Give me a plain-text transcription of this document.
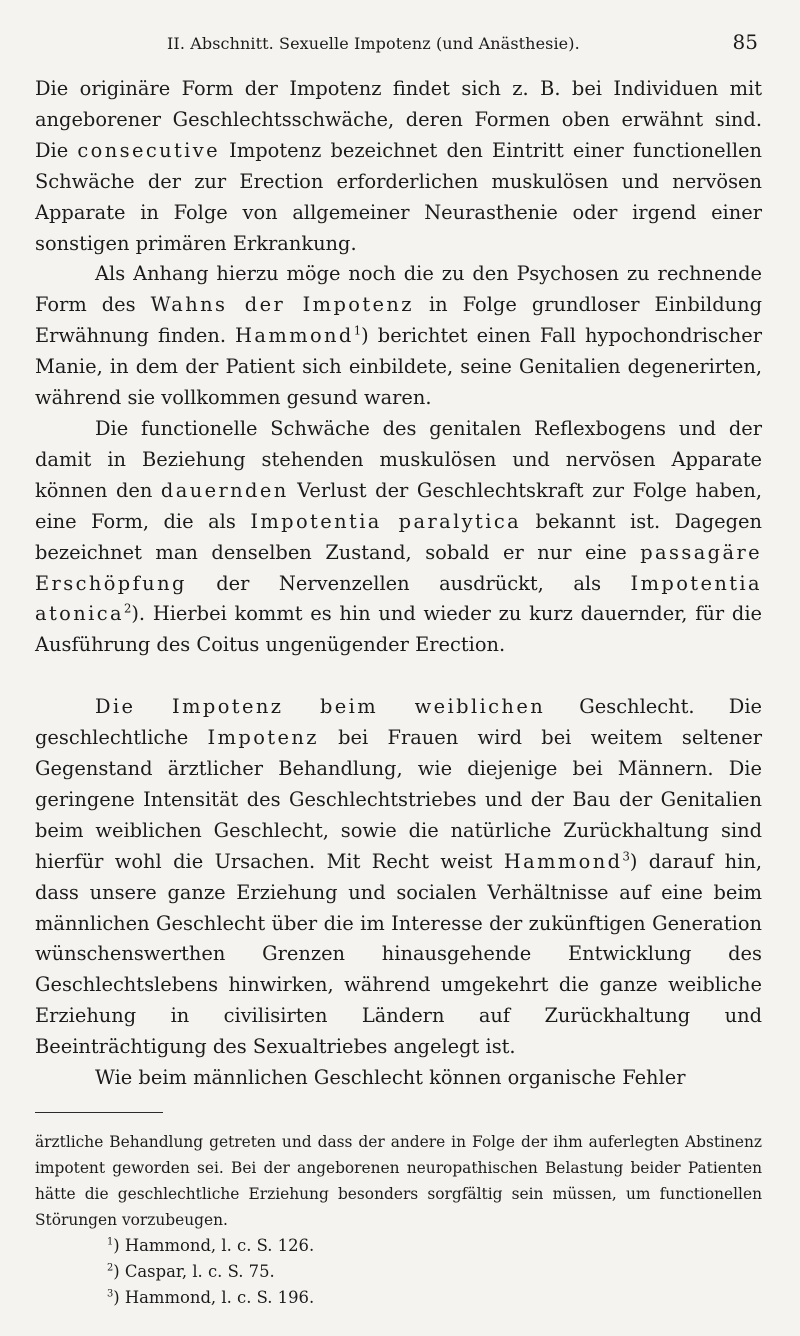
II. Abschnitt. Sexuelle Impotenz (und Anästhesie).	85

Die originäre Form der Impotenz findet sich z. B. bei Individuen mit angeborener Geschlechtsschwäche, deren Formen oben erwähnt sind. Die consecutive Impotenz bezeichnet den Eintritt einer functionellen Schwäche der zur Erection erforderlichen muskulösen und nervösen Apparate in Folge von allgemeiner Neurasthenie oder irgend einer sonstigen primären Erkrankung.

Als Anhang hierzu möge noch die zu den Psychosen zu rechnende Form des Wahns der Impotenz in Folge grundloser Einbildung Erwähnung finden. Hammond$^1$) berichtet einen Fall hypochondrischer Manie, in dem der Patient sich einbildete, seine Genitalien degenerirten, während sie vollkommen gesund waren.

Die functionelle Schwäche des genitalen Reflexbogens und der damit in Beziehung stehenden muskulösen und nervösen Apparate können den dauernden Verlust der Geschlechtskraft zur Folge haben, eine Form, die als Impotentia paralytica bekannt ist. Dagegen bezeichnet man denselben Zustand, sobald er nur eine passagäre Erschöpfung der Nervenzellen ausdrückt, als Impotentia atonica$^2$). Hierbei kommt es hin und wieder zu kurz dauernder, für die Ausführung des Coitus ungenügender Erection.

Die Impotenz beim weiblichen Geschlecht. Die geschlechtliche Impotenz bei Frauen wird bei weitem seltener Gegenstand ärztlicher Behandlung, wie diejenige bei Männern. Die geringene Intensität des Geschlechtstriebes und der Bau der Genitalien beim weiblichen Geschlecht, sowie die natürliche Zurückhaltung sind hierfür wohl die Ursachen. Mit Recht weist Hammond$^3$) darauf hin, dass unsere ganze Erziehung und socialen Verhältnisse auf eine beim männlichen Geschlecht über die im Interesse der zukünftigen Generation wünschenswerthen Grenzen hinausgehende Entwicklung des Geschlechtslebens hinwirken, während umgekehrt die ganze weibliche Erziehung in civilisirten Ländern auf Zurückhaltung und Beeinträchtigung des Sexualtriebes angelegt ist.

Wie beim männlichen Geschlecht können organische Fehler

ärztliche Behandlung getreten und dass der andere in Folge der ihm auferlegten Abstinenz impotent geworden sei. Bei der angeborenen neuropathischen Belastung beider Patienten hätte die geschlechtliche Erziehung besonders sorgfältig sein müssen, um functionellen Störungen vorzubeugen.

$^1$) Hammond, l. c. S. 126.
$^2$) Caspar, l. c. S. 75.
$^3$) Hammond, l. c. S. 196.
